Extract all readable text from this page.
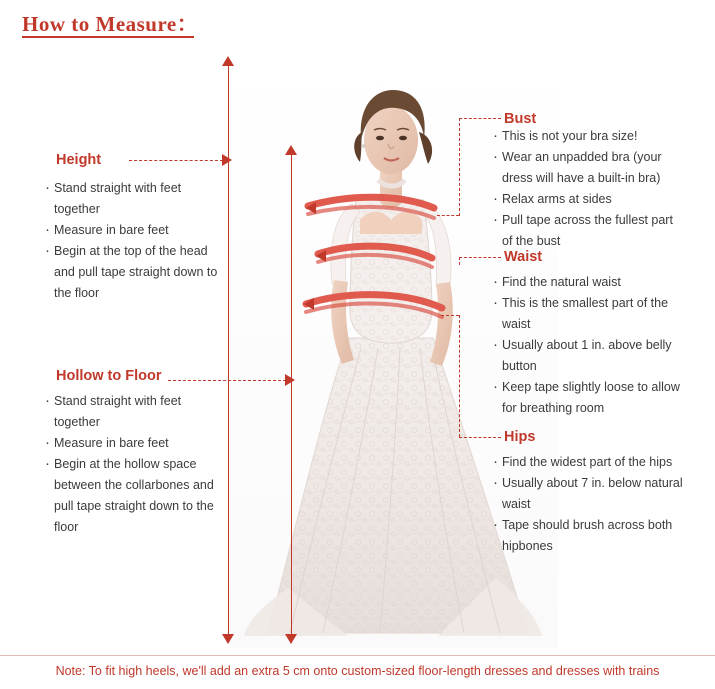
How to Measure：
Height
· Stand straight with feet together
· Measure in bare feet
· Begin at the top of the head and pull tape straight down to the floor
Hollow to Floor
· Stand straight with feet together
· Measure in bare feet
· Begin at the hollow space between the collarbones and pull tape straight down to the floor
Bust
· This is not your bra size!
· Wear an unpadded bra (your dress will have a built-in bra)
· Relax arms at sides
· Pull tape across the fullest part of the bust
Waist
· Find the natural waist
· This is the smallest part of the waist
· Usually about 1 in. above belly button
· Keep tape slightly loose to allow for breathing room
Hips
· Find the widest part of the hips
· Usually about 7 in. below natural waist
· Tape should brush across both hipbones
Note: To fit high heels, we'll add an extra 5 cm onto custom-sized floor-length dresses and dresses with trains
